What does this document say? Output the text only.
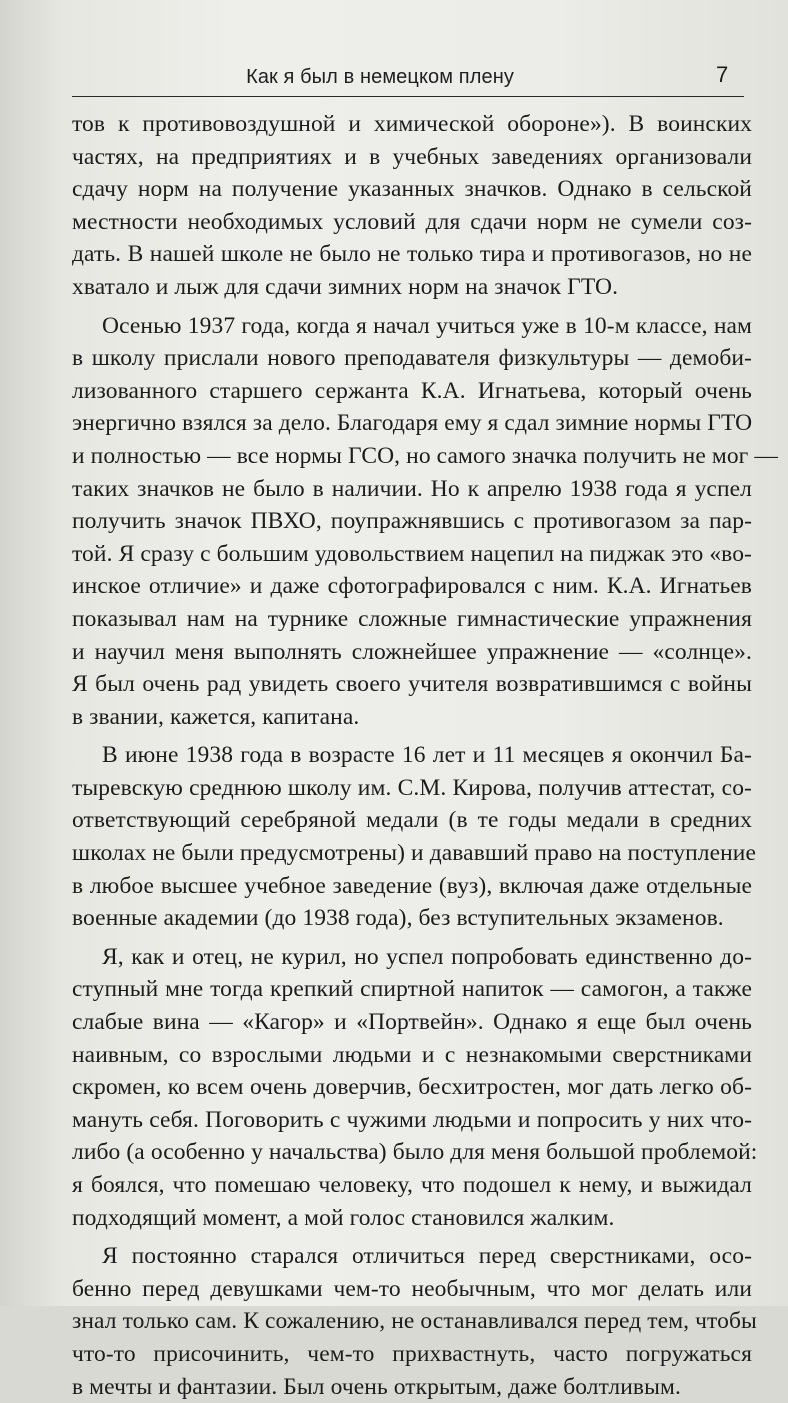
Как я был в немецком плену	7
тов к противовоздушной и химической обороне»). В воинских
частях, на предприятиях и в учебных заведениях организовали
сдачу норм на получение указанных значков. Однако в сельской
местности необходимых условий для сдачи норм не сумели соз-
дать. В нашей школе не было не только тира и противогазов, но не
хватало и лыж для сдачи зимних норм на значок ГТО.
Осенью 1937 года, когда я начал учиться уже в 10-м классе, нам
в школу прислали нового преподавателя физкультуры — демоби-
лизованного старшего сержанта К.А. Игнатьева, который очень
энергично взялся за дело. Благодаря ему я сдал зимние нормы ГТО
и полностью — все нормы ГСО, но самого значка получить не мог —
таких значков не было в наличии. Но к апрелю 1938 года я успел
получить значок ПВХО, поупражнявшись с противогазом за пар-
той. Я сразу с большим удовольствием нацепил на пиджак это «во-
инское отличие» и даже сфотографировался с ним. К.А. Игнатьев
показывал нам на турнике сложные гимнастические упражнения
и научил меня выполнять сложнейшее упражнение — «солнце».
Я был очень рад увидеть своего учителя возвратившимся с войны
в звании, кажется, капитана.
В июне 1938 года в возрасте 16 лет и 11 месяцев я окончил Ба-
тыревскую среднюю школу им. С.М. Кирова, получив аттестат, со-
ответствующий серебряной медали (в те годы медали в средних
школах не были предусмотрены) и дававший право на поступление
в любое высшее учебное заведение (вуз), включая даже отдельные
военные академии (до 1938 года), без вступительных экзаменов.
Я, как и отец, не курил, но успел попробовать единственно до-
ступный мне тогда крепкий спиртной напиток — самогон, а также
слабые вина — «Кагор» и «Портвейн». Однако я еще был очень
наивным, со взрослыми людьми и с незнакомыми сверстниками
скромен, ко всем очень доверчив, бесхитростен, мог дать легко об-
мануть себя. Поговорить с чужими людьми и попросить у них что-
либо (а особенно у начальства) было для меня большой проблемой:
я боялся, что помешаю человеку, что подошел к нему, и выжидал
подходящий момент, а мой голос становился жалким.
Я постоянно старался отличиться перед сверстниками, осо-
бенно перед девушками чем-то необычным, что мог делать или
знал только сам. К сожалению, не останавливался перед тем, чтобы
что-то присочинить, чем-то прихвастнуть, часто погружаться
в мечты и фантазии. Был очень открытым, даже болтливым.
